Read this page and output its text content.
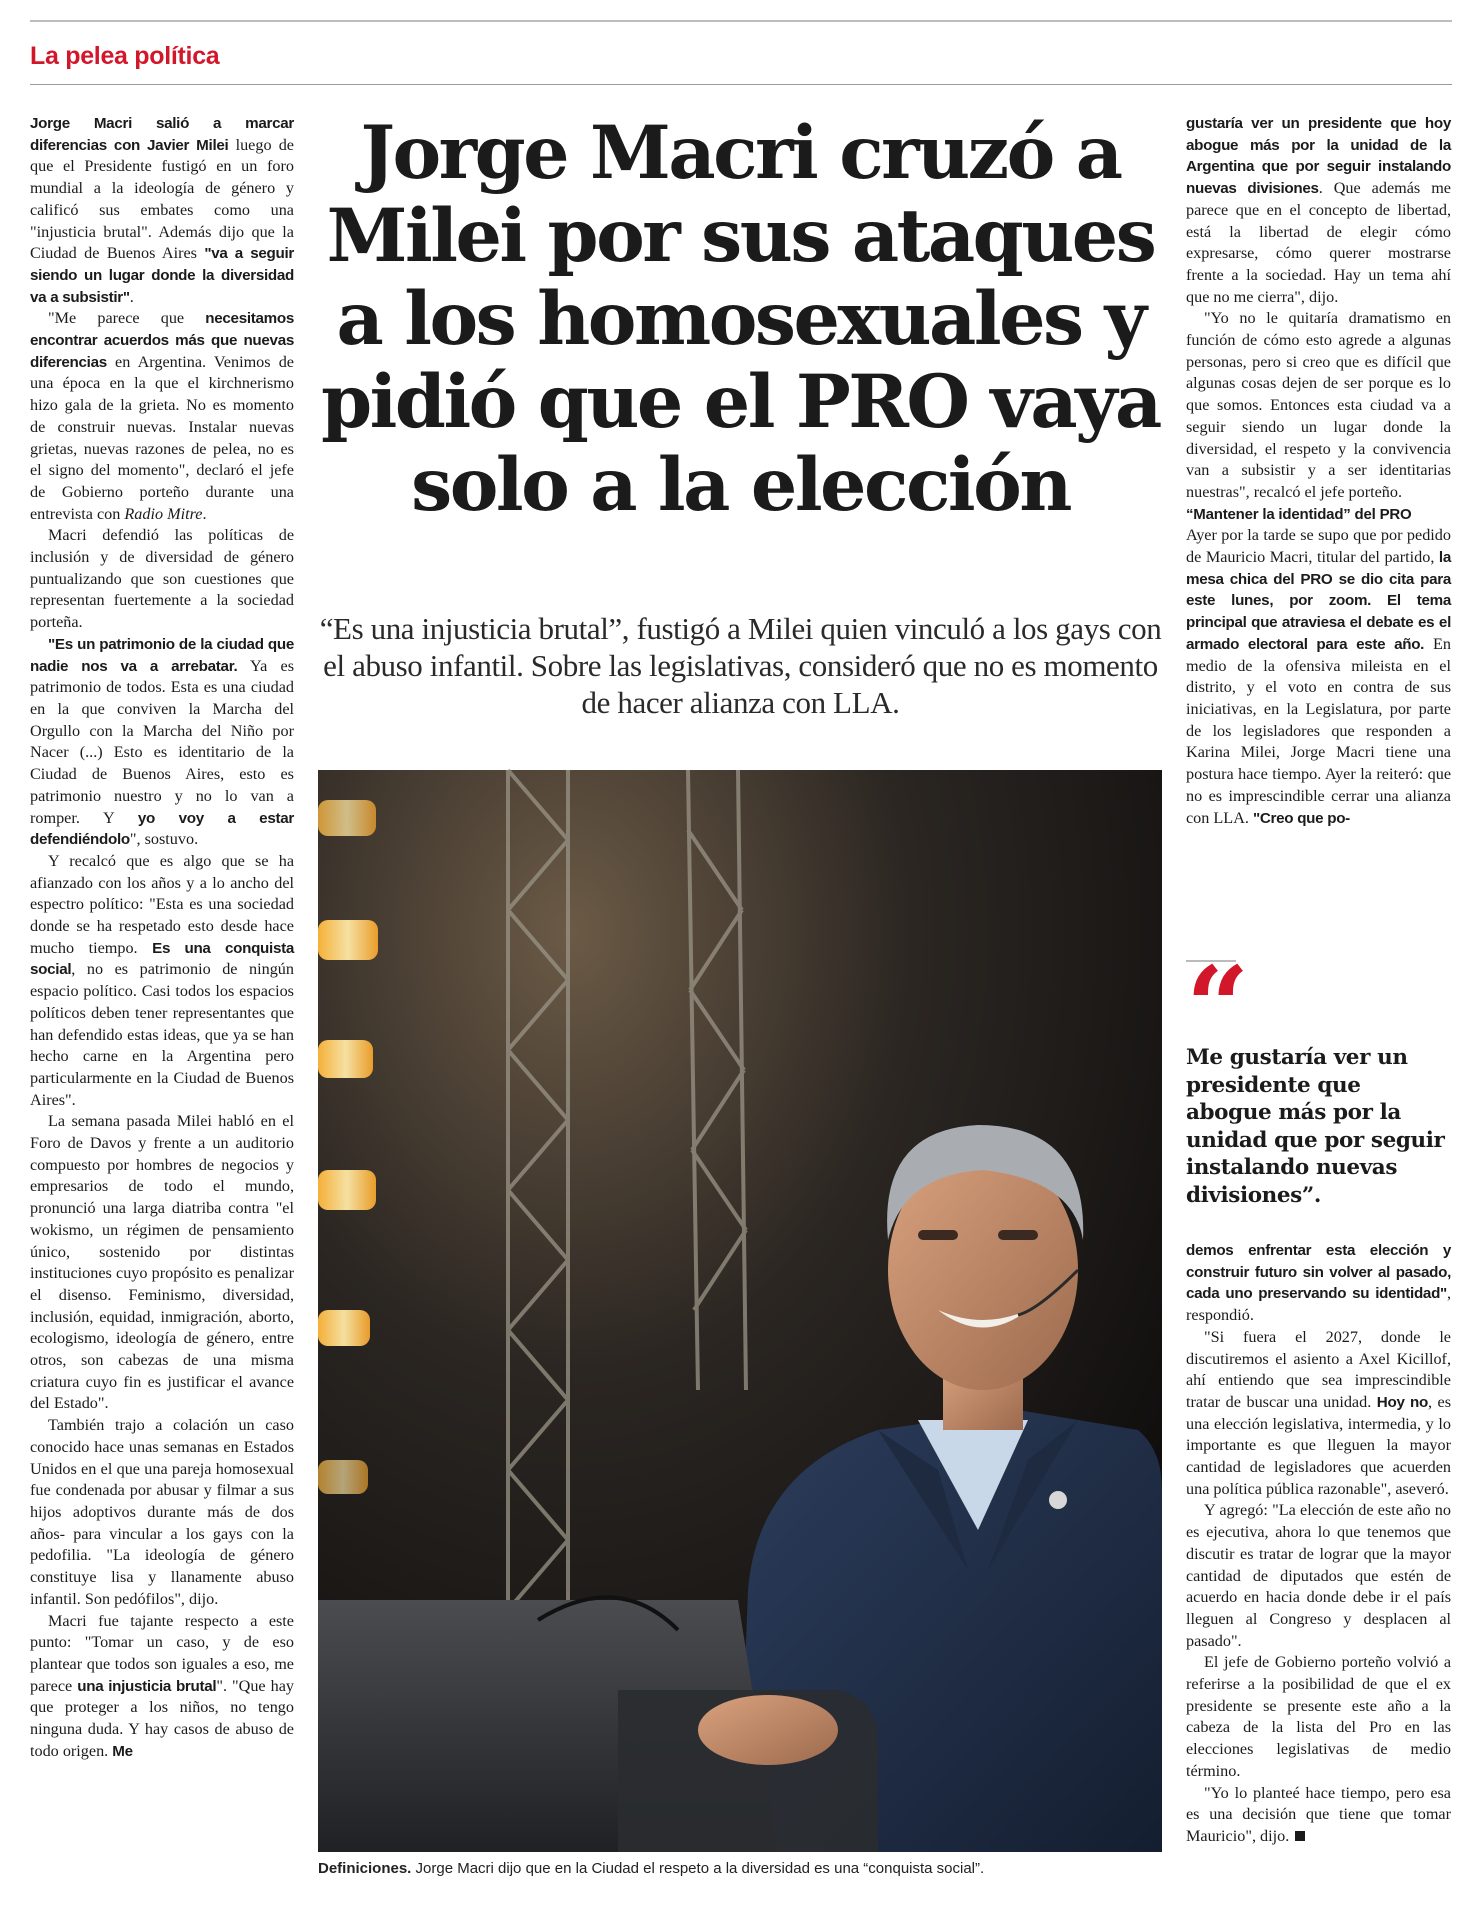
La pelea política

Jorge Macri salió a marcar diferencias con Javier Milei luego de que el Presidente fustigó en un foro mundial a la ideología de género y calificó sus embates como una "injusticia brutal". Además dijo que la Ciudad de Buenos Aires "va a seguir siendo un lugar donde la diversidad va a subsistir".

"Me parece que necesitamos encontrar acuerdos más que nuevas diferencias en Argentina. Venimos de una época en la que el kirchnerismo hizo gala de la grieta. No es momento de construir nuevas. Instalar nuevas grietas, nuevas razones de pelea, no es el signo del momento", declaró el jefe de Gobierno porteño durante una entrevista con Radio Mitre.

Macri defendió las políticas de inclusión y de diversidad de género puntualizando que son cuestiones que representan fuertemente a la sociedad porteña.

"Es un patrimonio de la ciudad que nadie nos va a arrebatar. Ya es patrimonio de todos. Esta es una ciudad en la que conviven la Marcha del Orgullo con la Marcha del Niño por Nacer (...) Esto es identitario de la Ciudad de Buenos Aires, esto es patrimonio nuestro y no lo van a romper. Y yo voy a estar defendiéndolo", sostuvo.

Y recalcó que es algo que se ha afianzado con los años y a lo ancho del espectro político: "Esta es una sociedad donde se ha respetado esto desde hace mucho tiempo. Es una conquista social, no es patrimonio de ningún espacio político. Casi todos los espacios políticos deben tener representantes que han defendido estas ideas, que ya se han hecho carne en la Argentina pero particularmente en la Ciudad de Buenos Aires".

La semana pasada Milei habló en el Foro de Davos y frente a un auditorio compuesto por hombres de negocios y empresarios de todo el mundo, pronunció una larga diatriba contra "el wokismo, un régimen de pensamiento único, sostenido por distintas instituciones cuyo propósito es penalizar el disenso. Feminismo, diversidad, inclusión, equidad, inmigración, aborto, ecologismo, ideología de género, entre otros, son cabezas de una misma criatura cuyo fin es justificar el avance del Estado".

También trajo a colación un caso conocido hace unas semanas en Estados Unidos en el que una pareja homosexual fue condenada por abusar y filmar a sus hijos adoptivos durante más de dos años- para vincular a los gays con la pedofilia. "La ideología de género constituye lisa y llanamente abuso infantil. Son pedófilos", dijo.

Macri fue tajante respecto a este punto: "Tomar un caso, y de eso plantear que todos son iguales a eso, me parece una injusticia brutal". "Que hay que proteger a los niños, no tengo ninguna duda. Y hay casos de abuso de todo origen. Me

Jorge Macri cruzó a Milei por sus ataques a los homosexuales y pidió que el PRO vaya solo a la elección

“Es una injusticia brutal”, fustigó a Milei quien vinculó a los gays con el abuso infantil. Sobre las legislativas, consideró que no es momento de hacer alianza con LLA.

Definiciones. Jorge Macri dijo que en la Ciudad el respeto a la diversidad es una “conquista social”.

gustaría ver un presidente que hoy abogue más por la unidad de la Argentina que por seguir instalando nuevas divisiones. Que además me parece que en el concepto de libertad, está la libertad de elegir cómo expresarse, cómo querer mostrarse frente a la sociedad. Hay un tema ahí que no me cierra", dijo.

"Yo no le quitaría dramatismo en función de cómo esto agrede a algunas personas, pero si creo que es difícil que algunas cosas dejen de ser porque es lo que somos. Entonces esta ciudad va a seguir siendo un lugar donde la diversidad, el respeto y la convivencia van a subsistir y a ser identitarias nuestras", recalcó el jefe porteño.

“Mantener la identidad” del PRO

Ayer por la tarde se supo que por pedido de Mauricio Macri, titular del partido, la mesa chica del PRO se dio cita para este lunes, por zoom. El tema principal que atraviesa el debate es el armado electoral para este año. En medio de la ofensiva mileista en el distrito, y el voto en contra de sus iniciativas, en la Legislatura, por parte de los legisladores que responden a Karina Milei, Jorge Macri tiene una postura hace tiempo. Ayer la reiteró: que no es imprescindible cerrar una alianza con LLA. "Creo que po-

“
Me gustaría ver un presidente que abogue más por la unidad que por seguir instalando nuevas divisiones”.

demos enfrentar esta elección y construir futuro sin volver al pasado, cada uno preservando su identidad", respondió.

"Si fuera el 2027, donde le discutiremos el asiento a Axel Kicillof, ahí entiendo que sea imprescindible tratar de buscar una unidad. Hoy no, es una elección legislativa, intermedia, y lo importante es que lleguen la mayor cantidad de legisladores que acuerden una política pública razonable", aseveró.

Y agregó: "La elección de este año no es ejecutiva, ahora lo que tenemos que discutir es tratar de lograr que la mayor cantidad de diputados que estén de acuerdo en hacia donde debe ir el país lleguen al Congreso y desplacen al pasado".

El jefe de Gobierno porteño volvió a referirse a la posibilidad de que el ex presidente se presente este año a la cabeza de la lista del Pro en las elecciones legislativas de medio término.

"Yo lo planteé hace tiempo, pero esa es una decisión que tiene que tomar Mauricio", dijo.
